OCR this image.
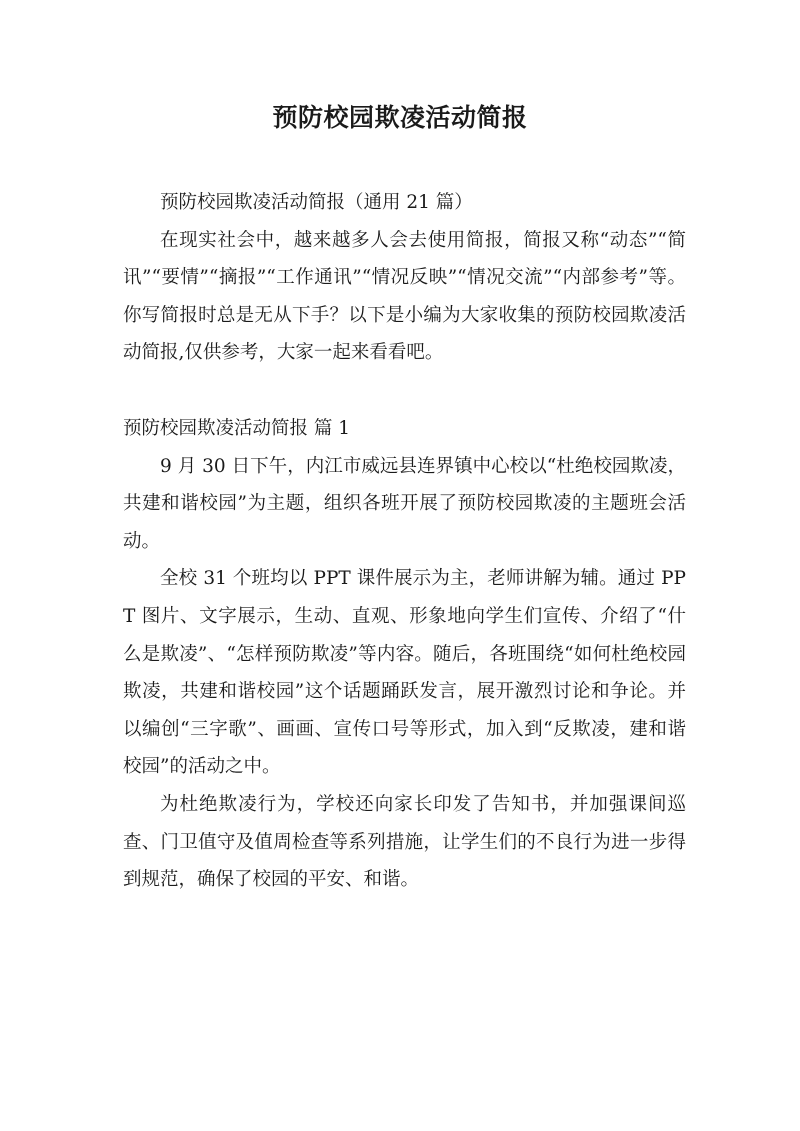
预防校园欺凌活动简报

预防校园欺凌活动简报（通用 21 篇）

在现实社会中，越来越多人会去使用简报，简报又称“动态”“简讯”“要情”“摘报”“工作通讯”“情况反映”“情况交流”“内部参考”等。你写简报时总是无从下手？以下是小编为大家收集的预防校园欺凌活动简报,仅供参考，大家一起来看看吧。

预防校园欺凌活动简报 篇 1

9 月 30 日下午，内江市威远县连界镇中心校以“杜绝校园欺凌，共建和谐校园”为主题，组织各班开展了预防校园欺凌的主题班会活动。

全校 31 个班均以 PPT 课件展示为主，老师讲解为辅。通过 PPT 图片、文字展示，生动、直观、形象地向学生们宣传、介绍了“什么是欺凌”、“怎样预防欺凌”等内容。随后，各班围绕“如何杜绝校园欺凌，共建和谐校园”这个话题踊跃发言，展开激烈讨论和争论。并以编创“三字歌”、画画、宣传口号等形式，加入到“反欺凌，建和谐校园”的活动之中。

为杜绝欺凌行为，学校还向家长印发了告知书，并加强课间巡查、门卫值守及值周检查等系列措施，让学生们的不良行为进一步得到规范，确保了校园的平安、和谐。
